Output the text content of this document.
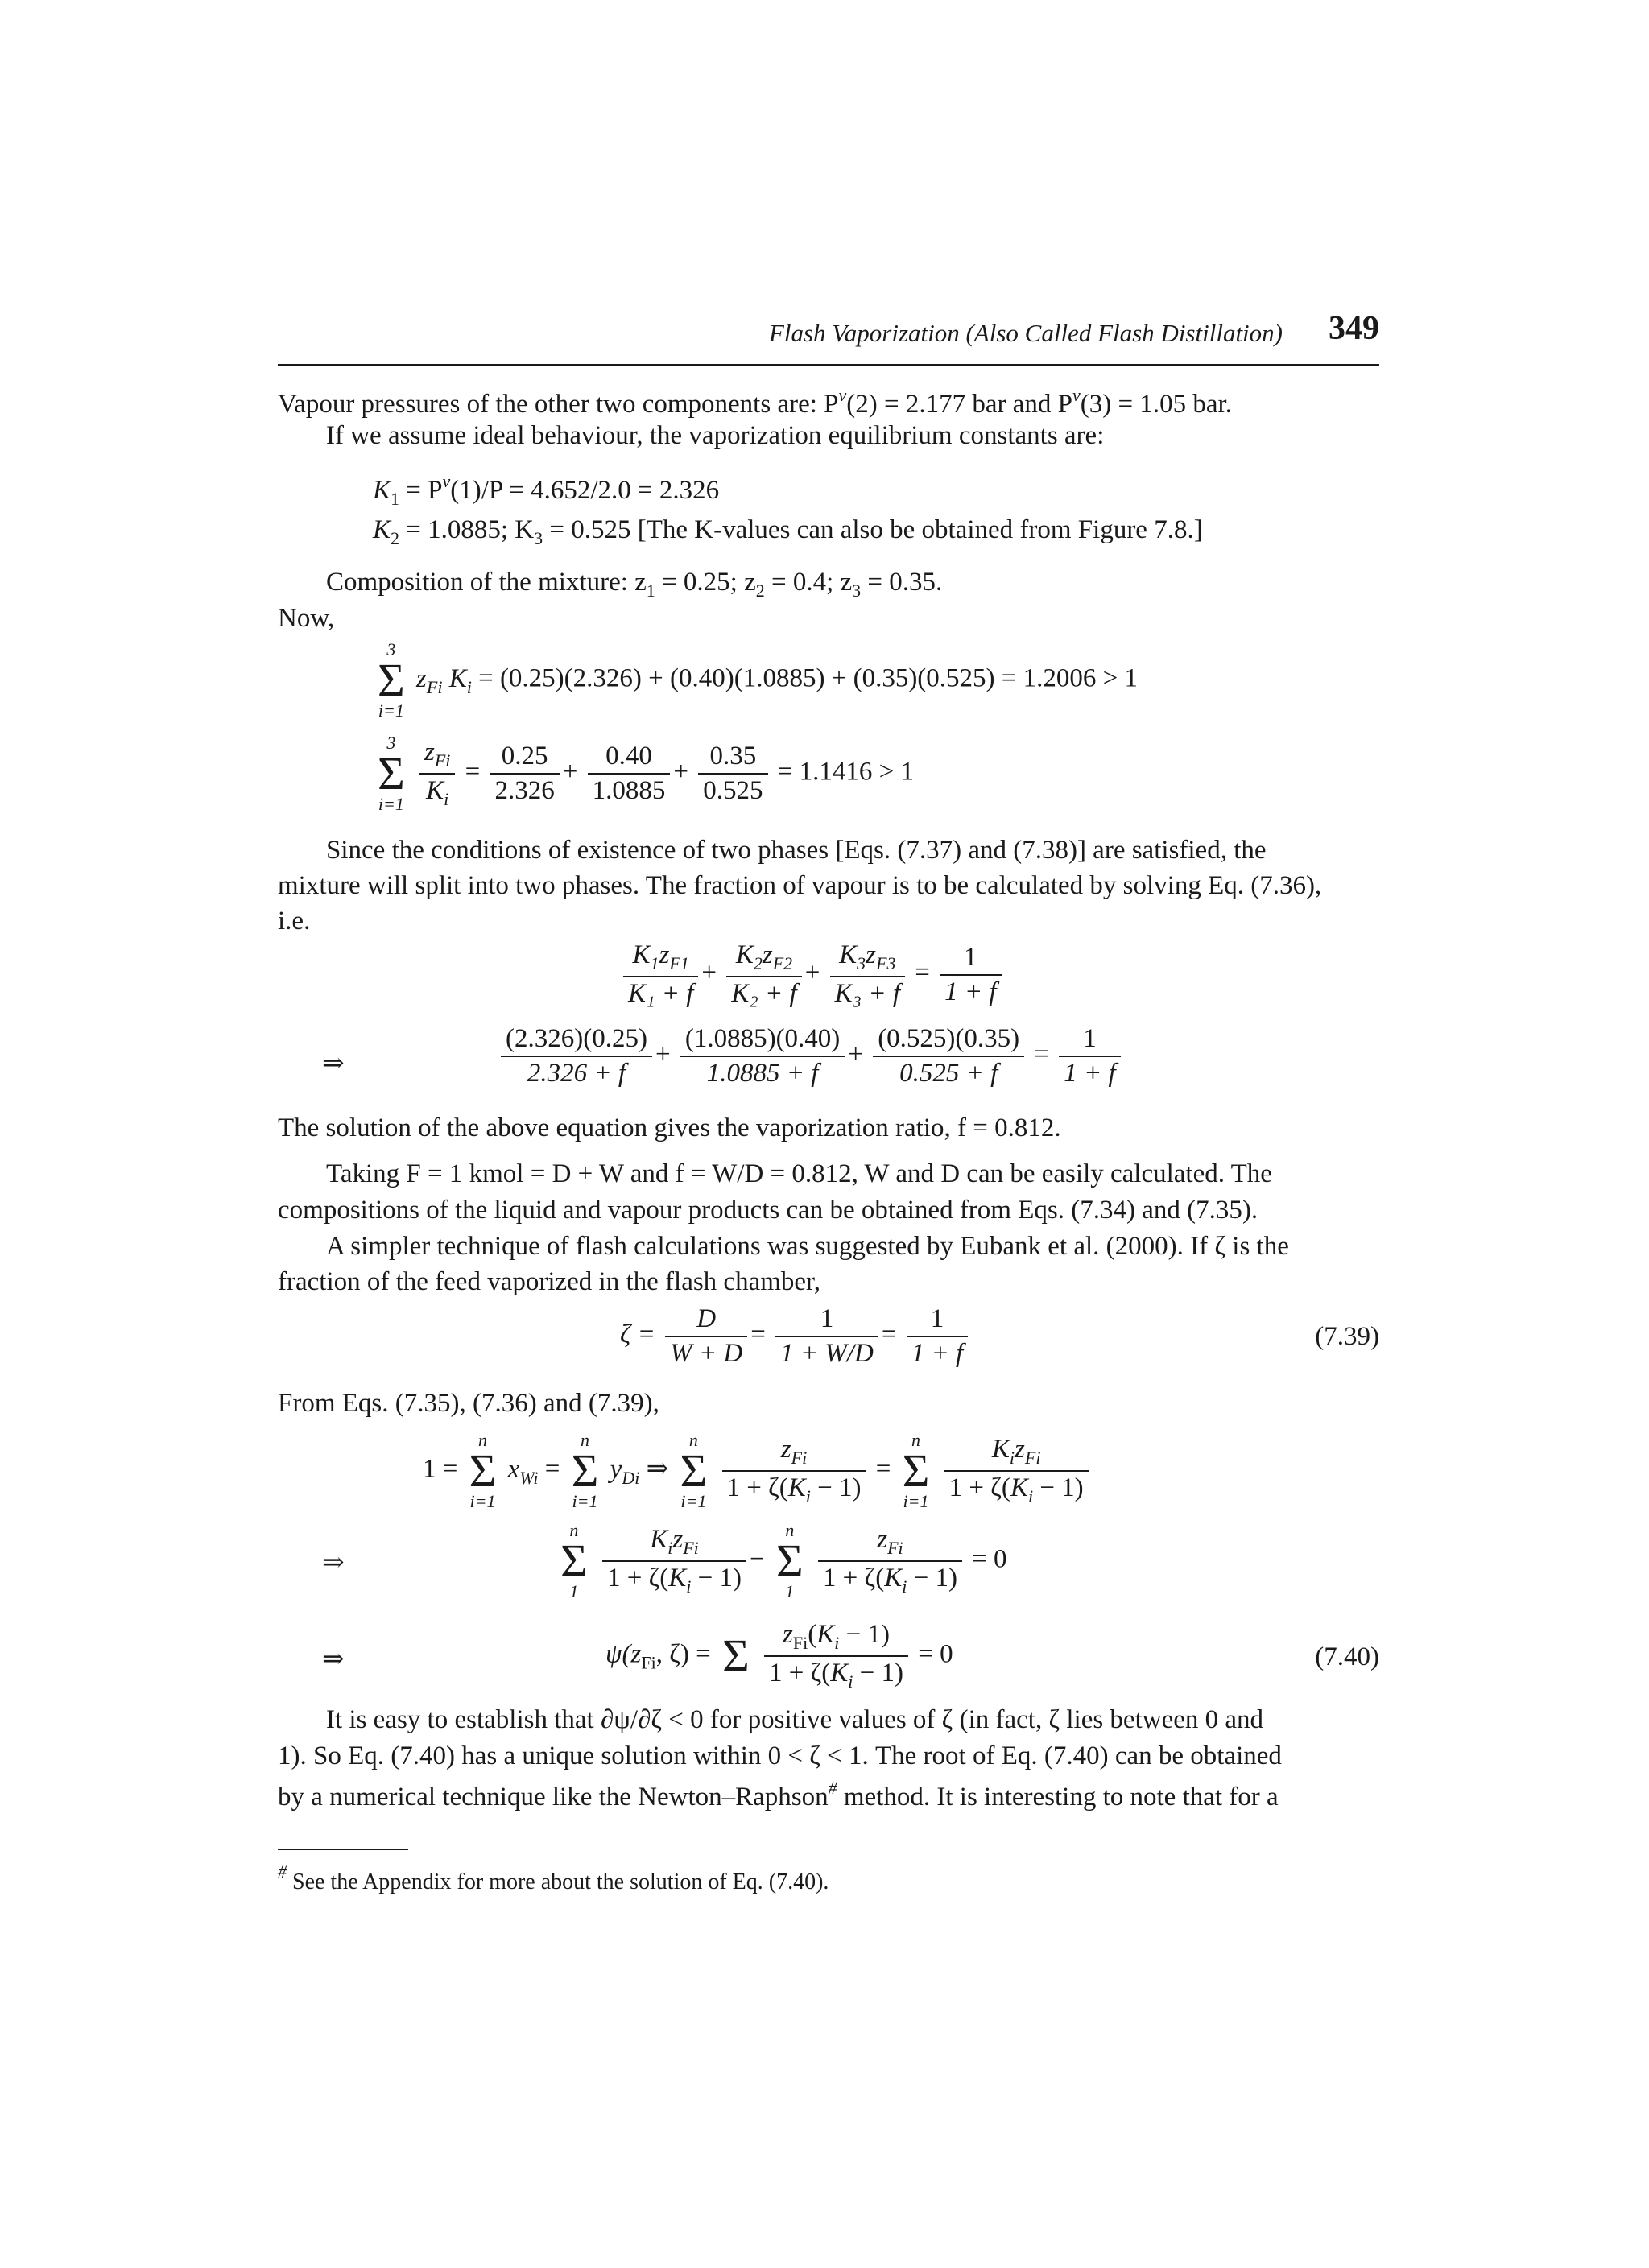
Flash Vaporization (Also Called Flash Distillation) 349
Vapour pressures of the other two components are: $P^v(2) = 2.177$ bar and $P^v(3) = 1.05$ bar.
If we assume ideal behaviour, the vaporization equilibrium constants are:
$K_1 = P^v(1)/P = 4.652/2.0 = 2.326$
$K_2 = 1.0885$; $K_3 = 0.525$ [The K-values can also be obtained from Figure 7.8.]
Composition of the mixture: $z_1 = 0.25$; $z_2 = 0.4$; $z_3 = 0.35$.
Now,
3
Σ
i=1
$z_{Fi}$ $K_i = (0.25)(2.326) + (0.40)(1.0885) + (0.35)(0.525) = 1.2006 > 1$
3
Σ
i=1
$\frac{z_{Fi}}{K_i} = \frac{0.25}{2.326} + \frac{0.40}{1.0885} + \frac{0.35}{0.525} = 1.1416 > 1$
Since the conditions of existence of two phases [Eqs. (7.37) and (7.38)] are satisfied, the
mixture will split into two phases. The fraction of vapour is to be calculated by solving Eq. (7.36),
i.e.
$\frac{K_1z_{F1}}{\text{K₁ + f}} + \frac{K_2z_{F2}}{\text{K₂ + f}} + \frac{K_3z_{F3}}{\text{K₃ + f}} = \frac{1}{1 + f}$
⇒	$\frac{(2.326)(0.25)}{2.326 + f} + \frac{(1.0885)(0.40)}{1.0885 + f} + \frac{(0.525)(0.35)}{0.525 + f} = \frac{1}{1 + f}$
The solution of the above equation gives the vaporization ratio, f = 0.812.
Taking F = 1 kmol = D + W and f = W/D = 0.812, W and D can be easily calculated. The
compositions of the liquid and vapour products can be obtained from Eqs. (7.34) and (7.35).
A simpler technique of flash calculations was suggested by Eubank et al. (2000). If ζ is the
fraction of the feed vaporized in the flash chamber,
$\zeta = \frac{D}{W + D} = \frac{1}{1 + W/D} = \frac{1}{1 + f}$	(7.39)
From Eqs. (7.35), (7.36) and (7.39),
1 =
n
Σ
i=1
$x_{Wi}$ =
n
Σ
i=1
$y_{Di}$ ⇒
n
Σ
i=1
$\frac{z_{Fi}}{1 + \zeta(K_i - 1)}$ =
n
Σ
i=1
$\frac{K_iz_{Fi}}{1 + \zeta(K_i - 1)}$
⇒
n
Σ
1
$\frac{K_iz_{Fi}}{1 + \zeta(K_i - 1)}$ −
n
Σ
1
$\frac{z_{Fi}}{1 + \zeta(K_i - 1)} = 0$
⇒	$\psi(z_{Fi}$, ζ) = Σ
$\frac{z_{Fi}(K_i - 1)}{1 + \zeta(K_i - 1)} = 0$	(7.40)
It is easy to establish that ∂ψ/∂ζ < 0 for positive values of ζ (in fact, ζ lies between 0 and
1). So Eq. (7.40) has a unique solution within 0 < ζ < 1. The root of Eq. (7.40) can be obtained
by a numerical technique like the Newton–Raphson# method. It is interesting to note that for a
# See the Appendix for more about the solution of Eq. (7.40).
